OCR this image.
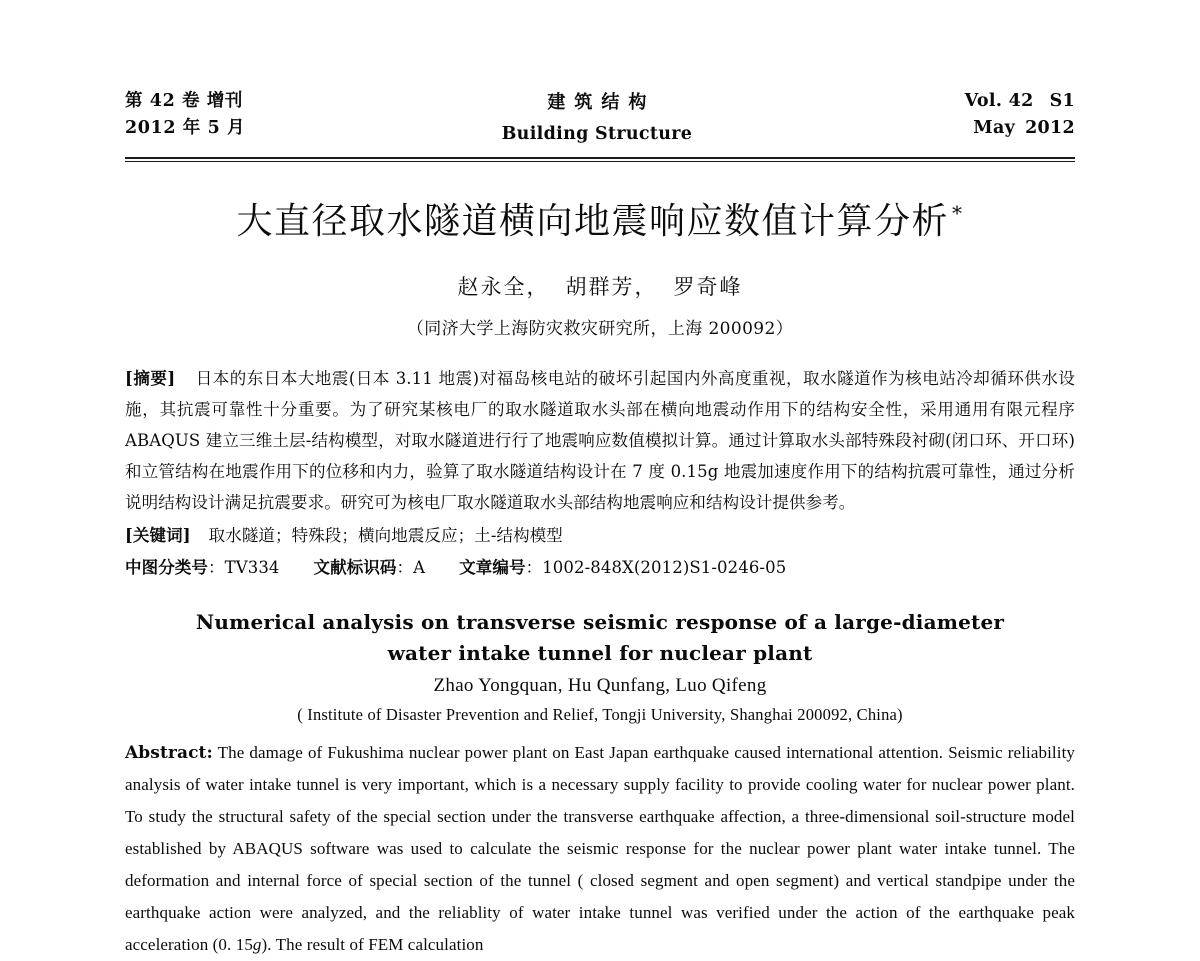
第 42 卷 增刊
2012 年 5 月
建筑结构
Building Structure
Vol. 42 S1
May 2012
大直径取水隧道横向地震响应数值计算分析 *
赵永全， 胡群芳， 罗奇峰
（同济大学上海防灾救灾研究所，上海 200092）
[摘要] 日本的东日本大地震(日本 3.11 地震)对福岛核电站的破坏引起国内外高度重视，取水隧道作为核电站冷却循环供水设施，其抗震可靠性十分重要。为了研究某核电厂的取水隧道取水头部在横向地震动作用下的结构安全性，采用通用有限元程序 ABAQUS 建立三维土层-结构模型，对取水隧道进行行了地震响应数值模拟计算。通过计算取水头部特殊段衬砌(闭口环、开口环)和立管结构在地震作用下的位移和内力，验算了取水隧道结构设计在 7 度 0.15g 地震加速度作用下的结构抗震可靠性，通过分析说明结构设计满足抗震要求。研究可为核电厂取水隧道取水头部结构地震响应和结构设计提供参考。
[关键词] 取水隧道；特殊段；横向地震反应；土-结构模型
中图分类号：TV334 文献标识码：A 文章编号：1002-848X(2012)S1-0246-05
Numerical analysis on transverse seismic response of a large-diameter
water intake tunnel for nuclear plant
Zhao Yongquan, Hu Qunfang, Luo Qifeng
( Institute of Disaster Prevention and Relief, Tongji University, Shanghai 200092, China)
Abstract: The damage of Fukushima nuclear power plant on East Japan earthquake caused international attention. Seismic reliability analysis of water intake tunnel is very important, which is a necessary supply facility to provide cooling water for nuclear power plant. To study the structural safety of the special section under the transverse earthquake affection, a three-dimensional soil-structure model established by ABAQUS software was used to calculate the seismic response for the nuclear power plant water intake tunnel. The deformation and internal force of special section of the tunnel ( closed segment and open segment) and vertical standpipe under the earthquake action were analyzed, and the reliablity of water intake tunnel was verified under the action of the earthquake peak acceleration (0. 15g). The result of FEM calculation
